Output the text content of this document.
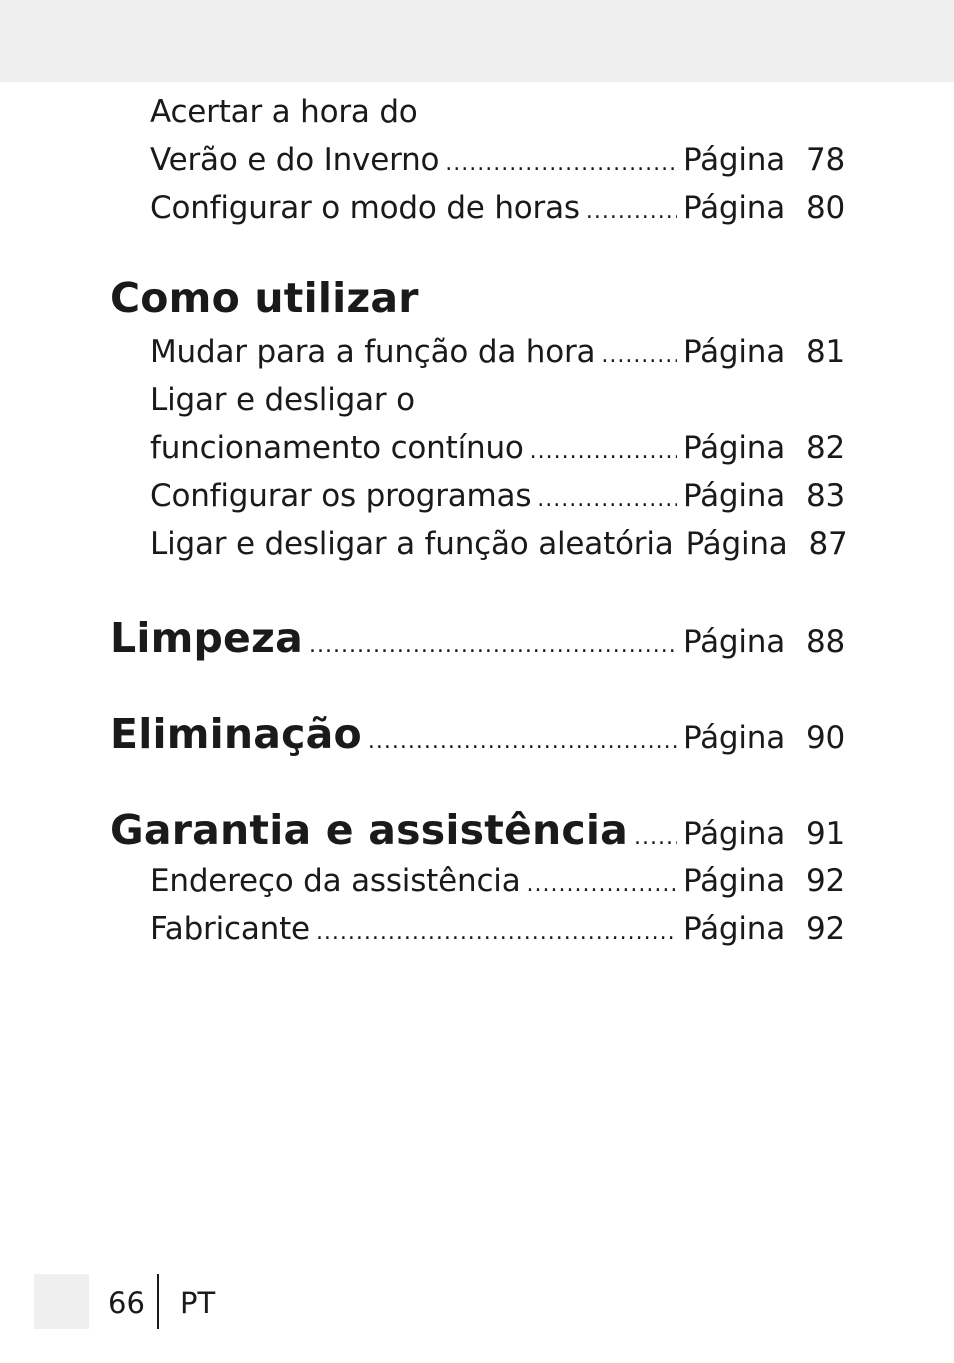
Acertar a hora do
Verão e do Inverno .....	Página 78
Configurar o modo de horas .....	Página 80
Como utilizar
Mudar para a função da hora .....	Página 81
Ligar e desligar o
funcionamento contínuo .....	Página 82
Configurar os programas .....	Página 83
Ligar e desligar a função aleatória Página 87
Limpeza .....	Página 88
Eliminação .....	Página 90
Garantia e assistência ..... Página 91
Endereço da assistência .....	Página 92
Fabricante .....	Página 92
66 PT
